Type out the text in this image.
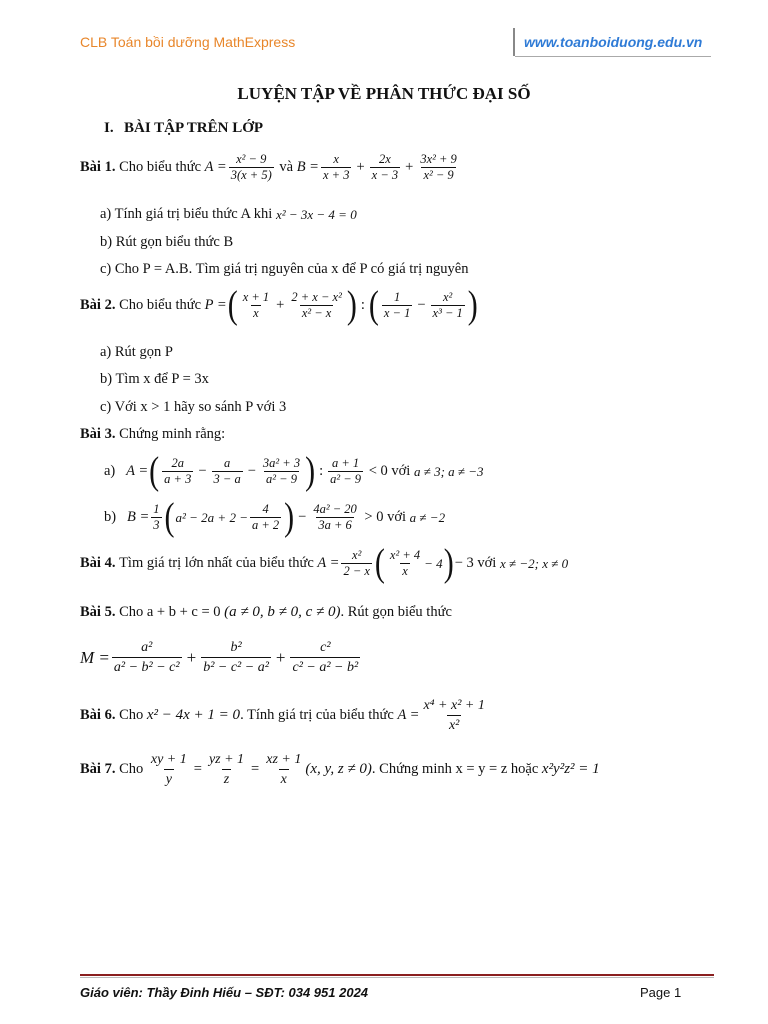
CLB Toán bồi dưỡng MathExpress	www.toanboiduong.edu.vn
LUYỆN TẬP VỀ PHÂN THỨC ĐẠI SỐ
I. BÀI TẬP TRÊN LỚP
Bài 1.
Cho biểu thức
$A = \frac{\text{x² − 9}}{3(x + 5)}$
và
$B = \frac{x}{x + 3} + \frac{2x}{x - 3} + \frac{\text{3x² + 9}}{\text{x² − 9}}$
a) Tính giá trị biểu thức A khi
x² − 3x − 4 = 0
b) Rút gọn biểu thức B
c) Cho P = A.B. Tìm giá trị nguyên của x để P có giá trị nguyên
Bài 2.
Cho biểu thức
P = ( $\frac{x + 1}{x} + \frac{\text{2 + x − x²}}{\text{x² − x}}$ ) : ( $\frac{1}{x - 1} - \frac{\text{x²}}{\text{x³ − 1}}$ )
a) Rút gọn P
b) Tìm x để P = 3x
c) Với x > 1 hãy so sánh P với 3
Bài 3.
Chứng minh rằng:
a)
A = ( $\frac{2a}{a + 3} - \frac{a}{3 - a} - \frac{\text{3a² + 3}}{\text{a² − 9}}$ ) : $\frac{a + 1}{\text{a² − 9}}$
< 0 với
a ≠ 3; a ≠ −3
b)
$B = \frac{1}{3}$ ( $a^2 - 2a + 2 - \frac{4}{a + 2}$ ) − $\frac{\text{4a² − 20}}{3a + 6}$
> 0 với
a ≠ −2
Bài 4.
Tìm giá trị lớn nhất của biểu thức
$A = \frac{\text{x²}}{2 - x}$ ( $\frac{\text{x² + 4}}{x} - 4$ ) − 3 với
x ≠ −2; x ≠ 0
Bài 5.
Cho a + b + c = 0
(a ≠ 0, b ≠ 0, c ≠ 0) . Rút gọn biểu thức
$M = \frac{\text{a²}}{\text{a² − b² − c²}} + \frac{\text{b²}}{\text{b² − c² − a²}} + \frac{\text{c²}}{\text{c² − a² − b²}}$
Bài 6.
Cho
x² − 4x + 1 = 0 . Tính giá trị của biểu thức
$A = \frac{\text{x⁴ + x² + 1}}{\text{x²}}$
Bài 7.
Cho
$\frac{xy + 1}{y} = \frac{yz + 1}{z} = \frac{xz + 1}{x} (x$, y, z ≠ 0) . Chứng minh x = y = z hoặc
x²y²z² = 1
Giáo viên: Thầy Đinh Hiếu – SĐT: 034 951 2024	Page 1
